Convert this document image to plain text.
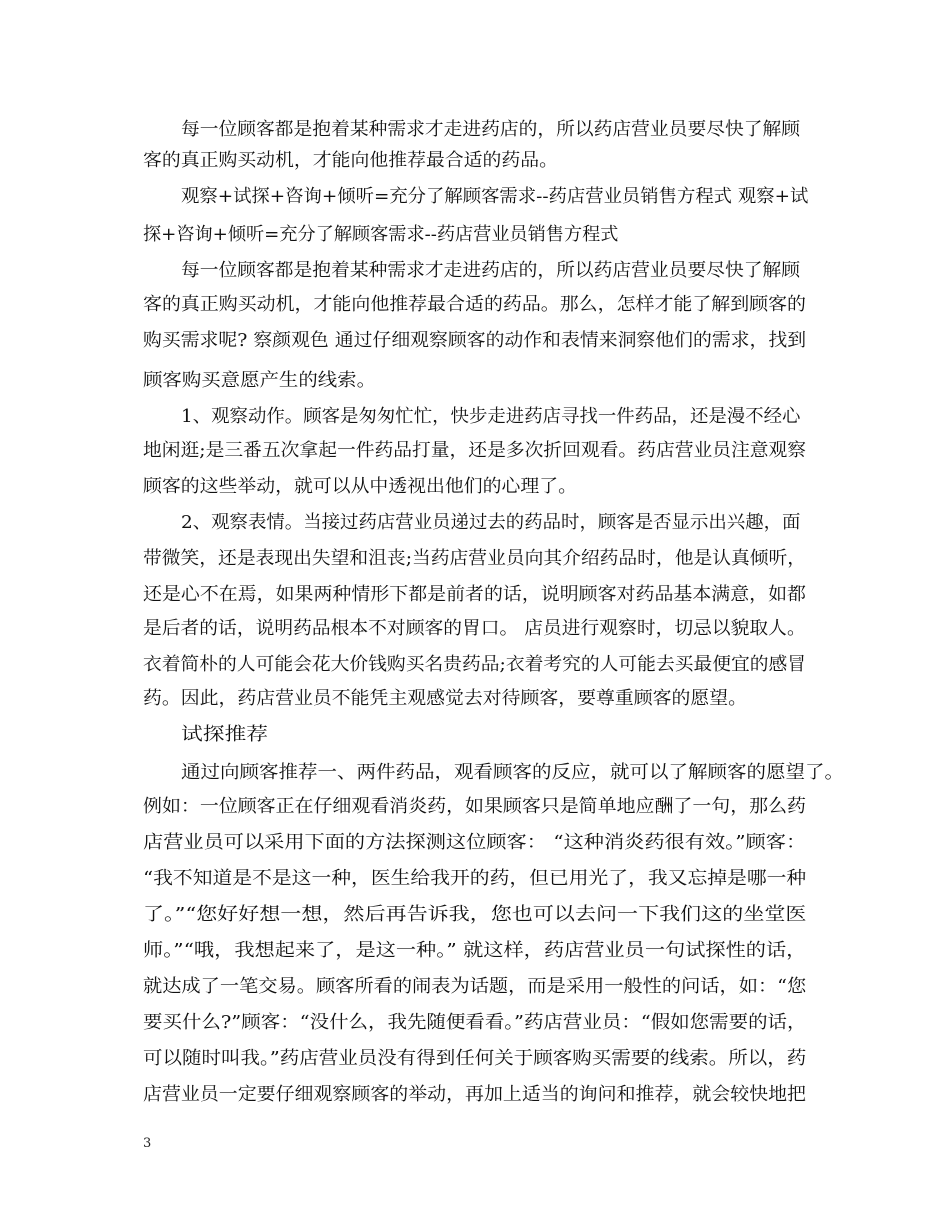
每一位顾客都是抱着某种需求才走进药店的，所以药店营业员要尽快了解顾
客的真正购买动机，才能向他推荐最合适的药品。
观察+试探+咨询+倾听=充分了解顾客需求--药店营业员销售方程式 观察+试
探+咨询+倾听=充分了解顾客需求--药店营业员销售方程式
每一位顾客都是抱着某种需求才走进药店的，所以药店营业员要尽快了解顾
客的真正购买动机，才能向他推荐最合适的药品。那么，怎样才能了解到顾客的
购买需求呢? 察颜观色 通过仔细观察顾客的动作和表情来洞察他们的需求，找到
顾客购买意愿产生的线索。
1、观察动作。顾客是匆匆忙忙，快步走进药店寻找一件药品，还是漫不经心
地闲逛;是三番五次拿起一件药品打量，还是多次折回观看。药店营业员注意观察
顾客的这些举动，就可以从中透视出他们的心理了。
2、观察表情。当接过药店营业员递过去的药品时，顾客是否显示出兴趣，面
带微笑，还是表现出失望和沮丧;当药店营业员向其介绍药品时，他是认真倾听，
还是心不在焉，如果两种情形下都是前者的话，说明顾客对药品基本满意，如都
是后者的话，说明药品根本不对顾客的胃口。 店员进行观察时，切忌以貌取人。
衣着简朴的人可能会花大价钱购买名贵药品;衣着考究的人可能去买最便宜的感冒
药。因此，药店营业员不能凭主观感觉去对待顾客，要尊重顾客的愿望。
试探推荐
通过向顾客推荐一、两件药品，观看顾客的反应，就可以了解顾客的愿望了。
例如：一位顾客正在仔细观看消炎药，如果顾客只是简单地应酬了一句，那么药
店营业员可以采用下面的方法探测这位顾客： “这种消炎药很有效。”顾客：
“我不知道是不是这一种，医生给我开的药，但已用光了，我又忘掉是哪一种
了。”“您好好想一想，然后再告诉我，您也可以去问一下我们这的坐堂医
师。”“哦，我想起来了，是这一种。” 就这样，药店营业员一句试探性的话，
就达成了一笔交易。顾客所看的闹表为话题，而是采用一般性的问话，如：“您
要买什么?”顾客：“没什么，我先随便看看。”药店营业员：“假如您需要的话，
可以随时叫我。”药店营业员没有得到任何关于顾客购买需要的线索。所以，药
店营业员一定要仔细观察顾客的举动，再加上适当的询问和推荐，就会较快地把
3
